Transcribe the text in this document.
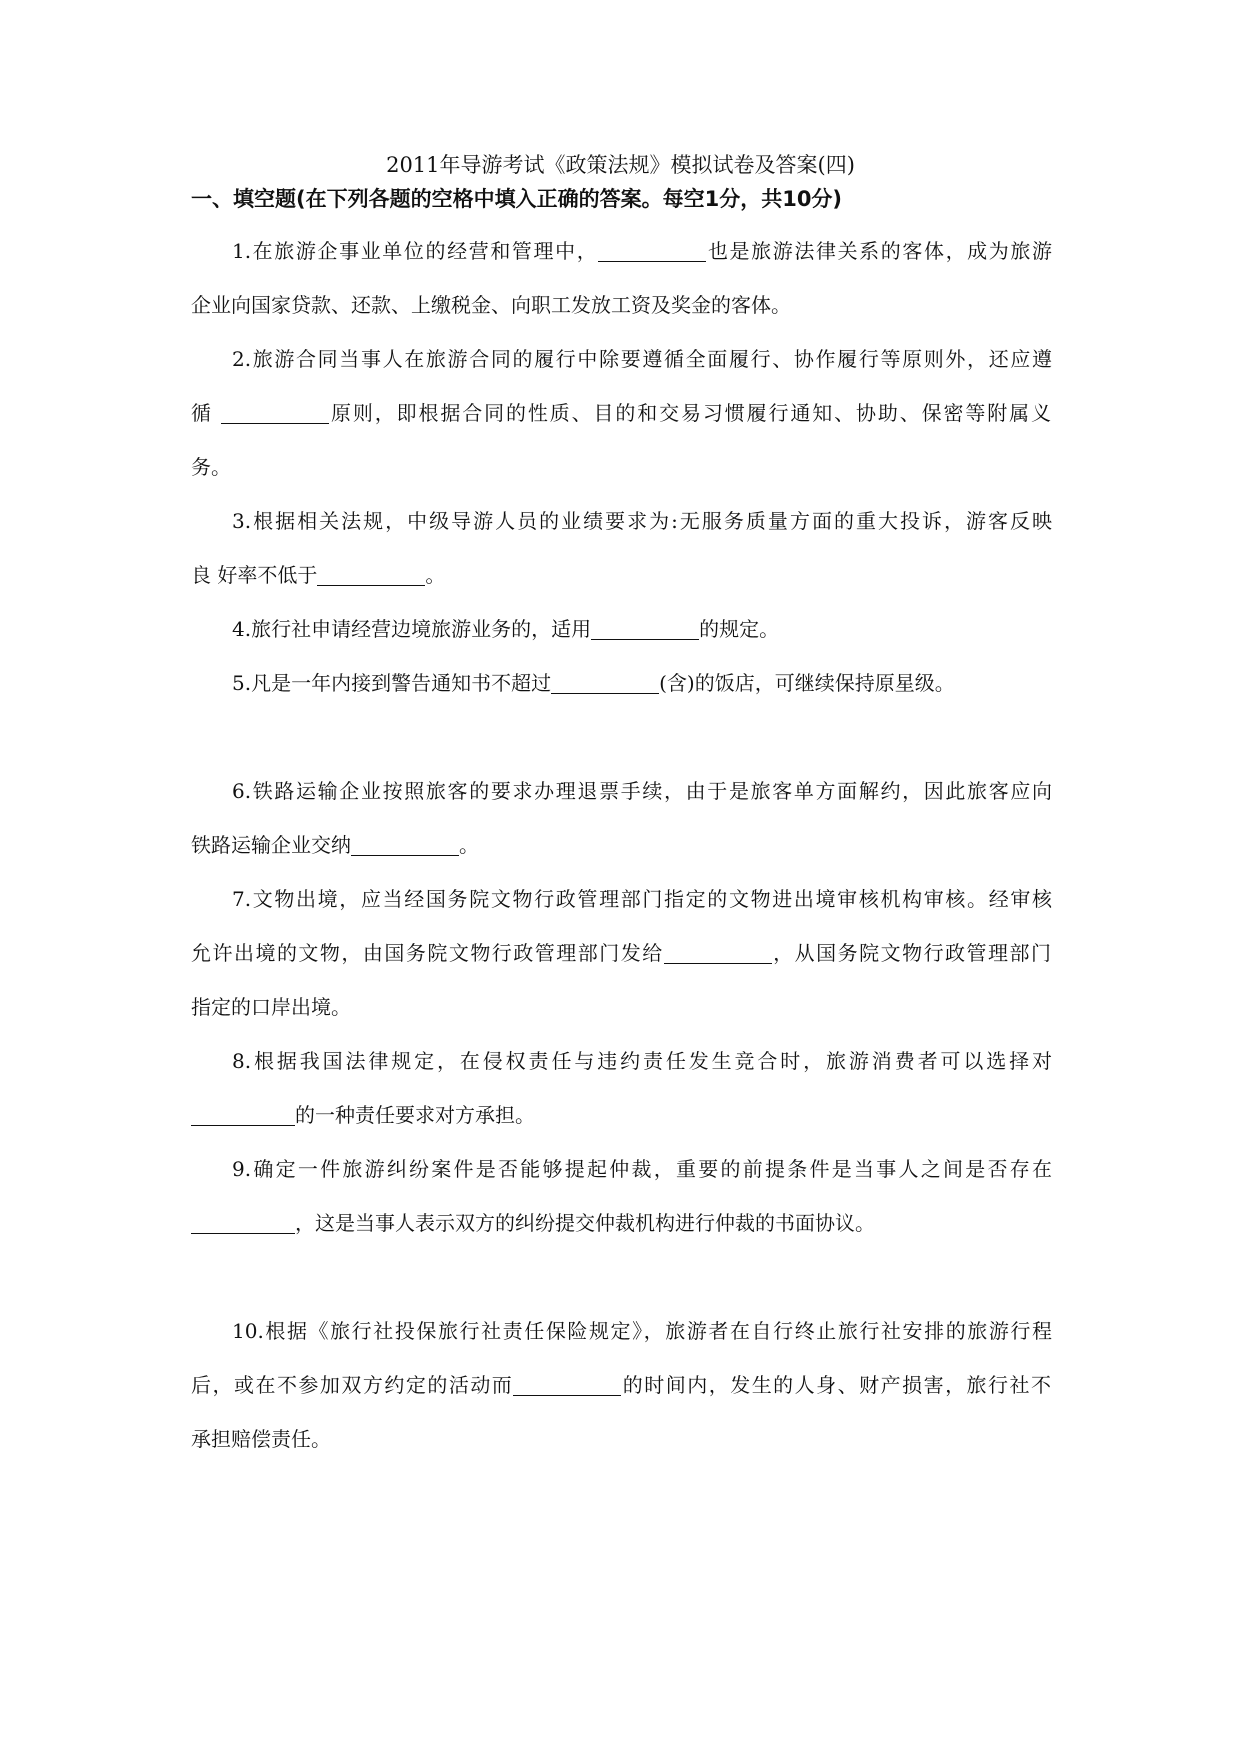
2011年导游考试《政策法规》模拟试卷及答案(四)
一、填空题(在下列各题的空格中填入正确的答案。每空1分，共10分)
1.在旅游企事业单位的经营和管理中，	也是旅游法律关系的客体，成为旅游
企业向国家贷款、还款、上缴税金、向职工发放工资及奖金的客体。
2.旅游合同当事人在旅游合同的履行中除要遵循全面履行、协作履行等原则外，还应遵
循	原则，即根据合同的性质、目的和交易习惯履行通知、协助、保密等附属义
务。
3.根据相关法规，中级导游人员的业绩要求为:无服务质量方面的重大投诉，游客反映
良 好率不低于	。
4.旅行社申请经营边境旅游业务的，适用	的规定。
5.凡是一年内接到警告通知书不超过	(含)的饭店，可继续保持原星级。
6.铁路运输企业按照旅客的要求办理退票手续，由于是旅客单方面解约，因此旅客应向
铁路运输企业交纳	。
7.文物出境，应当经国务院文物行政管理部门指定的文物进出境审核机构审核。经审核
允许出境的文物，由国务院文物行政管理部门发给	，从国务院文物行政管理部门
指定的口岸出境。
8.根据我国法律规定，在侵权责任与违约责任发生竞合时，旅游消费者可以选择对
的一种责任要求对方承担。
9.确定一件旅游纠纷案件是否能够提起仲裁，重要的前提条件是当事人之间是否存在
，这是当事人表示双方的纠纷提交仲裁机构进行仲裁的书面协议。
10.根据《旅行社投保旅行社责任保险规定》，旅游者在自行终止旅行社安排的旅游行程
后，或在不参加双方约定的活动而	的时间内，发生的人身、财产损害，旅行社不
承担赔偿责任。
